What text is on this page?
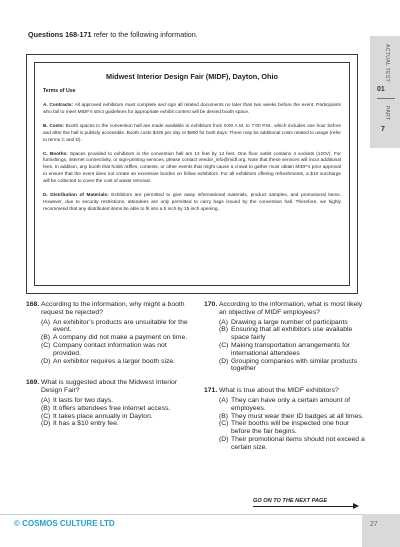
Questions 168-171 refer to the following information.
ACTUAL TEST
01
PART
7
Midwest Interior Design Fair (MIDF), Dayton, Ohio
Terms of Use
A. Contracts: All approved exhibitors must complete and sign all related documents no later than two weeks before the event. Participants who fail to meet MIDF’s strict guidelines for appropriate exhibit content will be denied booth space.
B. Costs: Booth spaces in the convention hall are made available to exhibitors from 9:00 A.M. to 7:00 P.M., which includes one hour before and after the hall is publicly accessible. Booth costs $435 per day or $800 for both days. There may be additional costs related to usage (refer to terms C and D).
C. Booths: Spaces provided to exhibitors in the convention hall are 14 feet by 14 feet. One floor outlet contains 4 sockets (120V). For furnishings, internet connectivity, or sign-printing services, please contact vendor_info@midf.org. Note that these services will incur additional fees. In addition, any booth that holds raffles, contests, or other events that might cause a crowd to gather must obtain MIDF’s prior approval to ensure that the event does not create an excessive burden on fellow exhibitors. For all exhibitors offering refreshments, a $10 surcharge will be collected to cover the cost of waste removal.
D. Distribution of Materials: Exhibitors are permitted to give away informational materials, product samples, and promotional items. However, due to security restrictions, attendees are only permitted to carry bags issued by the convention hall. Therefore, we highly recommend that any distributed items be able to fit into a 5 inch by 15 inch opening.
168. According to the information, why might a booth request be rejected?
(A) An exhibitor’s products are unsuitable for the event.
(B) A company did not make a payment on time.
(C) Company contact information was not provided.
(D) An exhibitor requires a larger booth size.
169. What is suggested about the Midwest Interior Design Fair?
(A) It lasts for two days.
(B) It offers attendees free internet access.
(C) It takes place annually in Dayton.
(D) It has a $10 entry fee.
170. According to the information, what is most likely an objective of MIDF employees?
(A) Drawing a large number of participants
(B) Ensuring that all exhibitors use available space fairly
(C) Making transportation arrangements for international attendees
(D) Grouping companies with similar products together
171. What is true about the MIDF exhibitors?
(A) They can have only a certain amount of employees.
(B) They must wear their ID badges at all times.
(C) Their booths will be inspected one hour before the fair begins.
(D) Their promotional items should not exceed a certain size.
GO ON TO THE NEXT PAGE
© COSMOS CULTURE LTD	27
